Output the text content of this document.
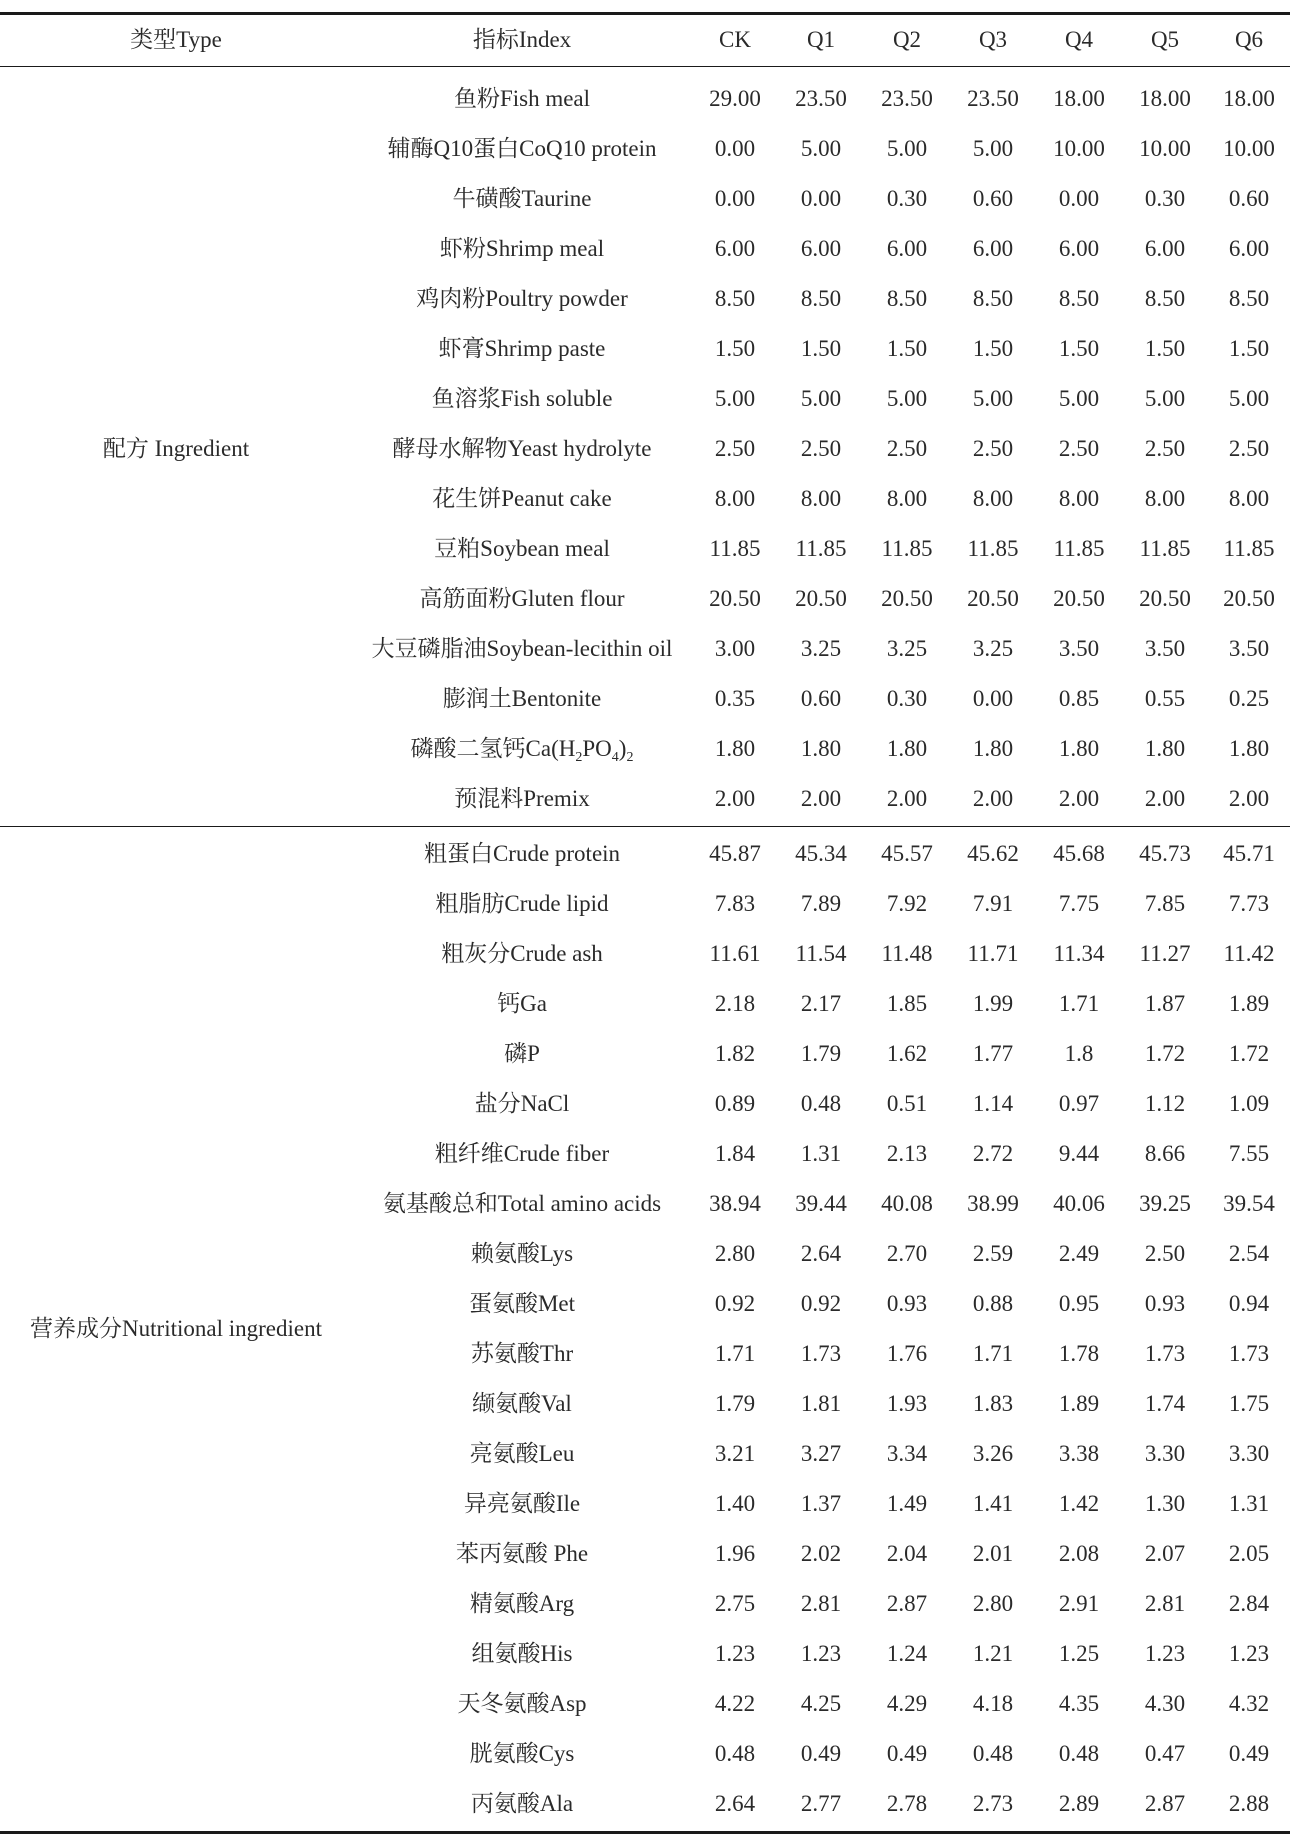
类型Type	指标Index	CK	Q1	Q2	Q3	Q4	Q5	Q6
鱼粉Fish meal	29.00	23.50	23.50	23.50	18.00	18.00	18.00
辅酶Q10蛋白CoQ10 protein	0.00	5.00	5.00	5.00	10.00	10.00	10.00
牛磺酸Taurine	0.00	0.00	0.30	0.60	0.00	0.30	0.60
虾粉Shrimp meal	6.00	6.00	6.00	6.00	6.00	6.00	6.00
鸡肉粉Poultry powder	8.50	8.50	8.50	8.50	8.50	8.50	8.50
虾膏Shrimp paste	1.50	1.50	1.50	1.50	1.50	1.50	1.50
鱼溶浆Fish soluble	5.00	5.00	5.00	5.00	5.00	5.00	5.00
酵母水解物Yeast hydrolyte	2.50	2.50	2.50	2.50	2.50	2.50	2.50
花生饼Peanut cake	8.00	8.00	8.00	8.00	8.00	8.00	8.00
豆粕Soybean meal	11.85	11.85	11.85	11.85	11.85	11.85	11.85
高筋面粉Gluten flour	20.50	20.50	20.50	20.50	20.50	20.50	20.50
大豆磷脂油Soybean-lecithin oil	3.00	3.25	3.25	3.25	3.50	3.50	3.50
膨润土Bentonite	0.35	0.60	0.30	0.00	0.85	0.55	0.25
磷酸二氢钙$Ca(H_2PO_4)_2$	1.80	1.80	1.80	1.80	1.80	1.80	1.80
预混料Premix	2.00	2.00	2.00	2.00	2.00	2.00	2.00
配方 Ingredient
粗蛋白Crude protein	45.87	45.34	45.57	45.62	45.68	45.73	45.71
粗脂肪Crude lipid	7.83	7.89	7.92	7.91	7.75	7.85	7.73
粗灰分Crude ash	11.61	11.54	11.48	11.71	11.34	11.27	11.42
钙Ga	2.18	2.17	1.85	1.99	1.71	1.87	1.89
磷P	1.82	1.79	1.62	1.77	1.8	1.72	1.72
盐分NaCl	0.89	0.48	0.51	1.14	0.97	1.12	1.09
粗纤维Crude fiber	1.84	1.31	2.13	2.72	9.44	8.66	7.55
氨基酸总和Total amino acids	38.94	39.44	40.08	38.99	40.06	39.25	39.54
赖氨酸Lys	2.80	2.64	2.70	2.59	2.49	2.50	2.54
蛋氨酸Met	0.92	0.92	0.93	0.88	0.95	0.93	0.94
苏氨酸Thr	1.71	1.73	1.76	1.71	1.78	1.73	1.73
缬氨酸Val	1.79	1.81	1.93	1.83	1.89	1.74	1.75
亮氨酸Leu	3.21	3.27	3.34	3.26	3.38	3.30	3.30
异亮氨酸Ile	1.40	1.37	1.49	1.41	1.42	1.30	1.31
苯丙氨酸 Phe	1.96	2.02	2.04	2.01	2.08	2.07	2.05
精氨酸Arg	2.75	2.81	2.87	2.80	2.91	2.81	2.84
组氨酸His	1.23	1.23	1.24	1.21	1.25	1.23	1.23
天冬氨酸Asp	4.22	4.25	4.29	4.18	4.35	4.30	4.32
胱氨酸Cys	0.48	0.49	0.49	0.48	0.48	0.47	0.49
丙氨酸Ala	2.64	2.77	2.78	2.73	2.89	2.87	2.88
营养成分Nutritional ingredient
